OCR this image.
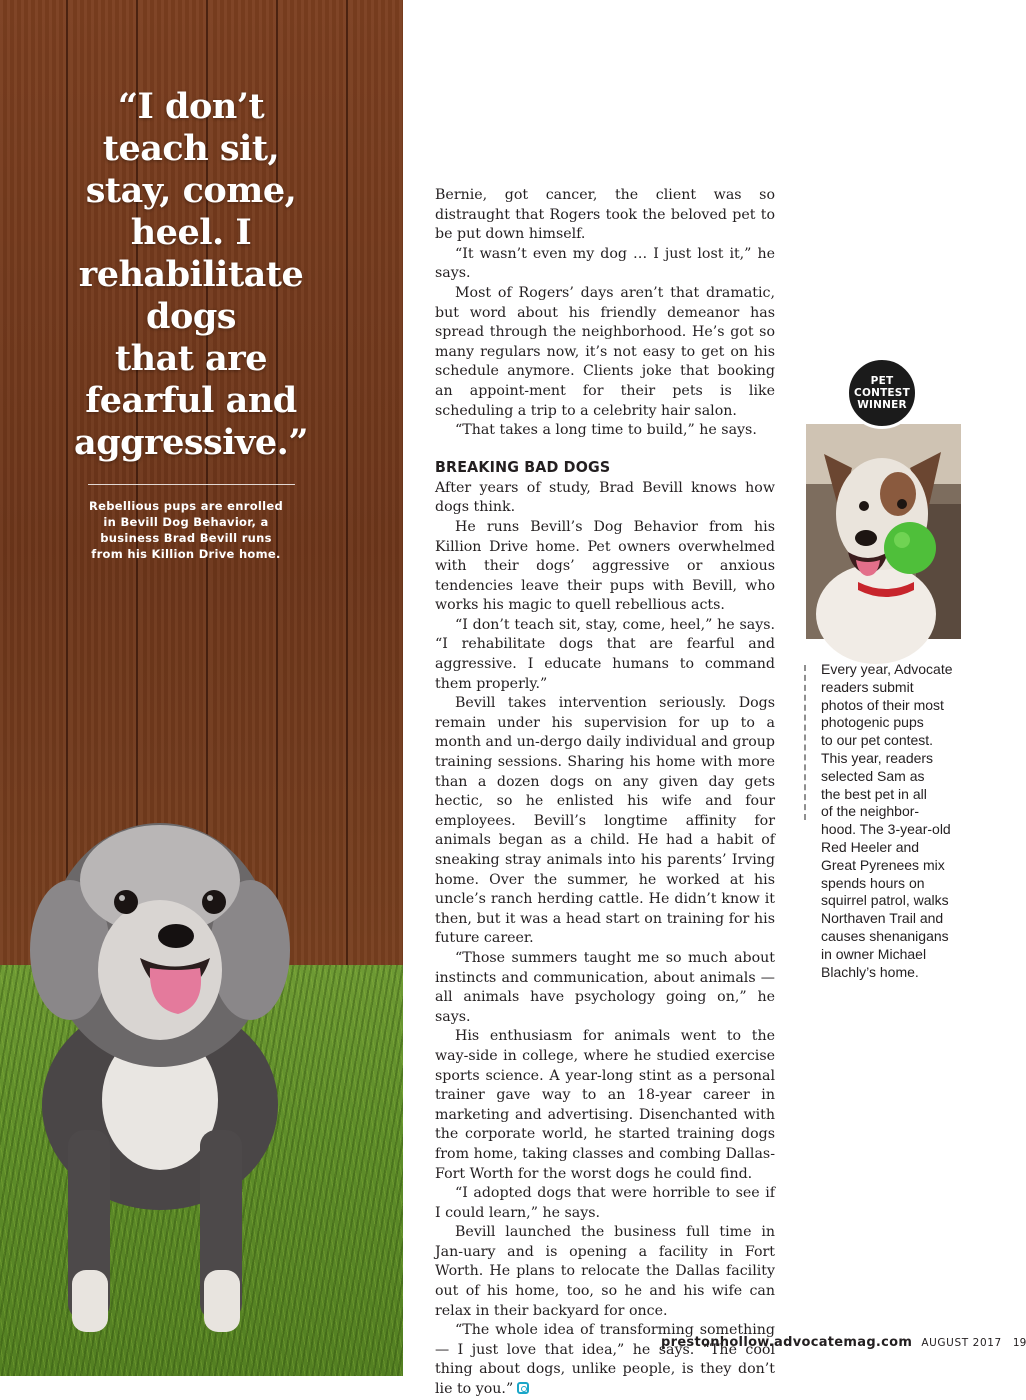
“I don’t
teach sit,
stay, come,
heel. I
rehabilitate
dogs
that are
fearful and
aggressive.”

Rebellious pups are enrolled
in Bevill Dog Behavior, a
business Brad Bevill runs
from his Killion Drive home.

Bernie, got cancer, the client was so distraught that Rogers took the beloved pet to be put down himself.

“It wasn’t even my dog … I just lost it,” he says.

Most of Rogers’ days aren’t that dramatic, but word about his friendly demeanor has spread through the neighborhood. He’s got so many regulars now, it’s not easy to get on his schedule anymore. Clients joke that booking an appoint-ment for their pets is like scheduling a trip to a celebrity hair salon.

“That takes a long time to build,” he says.

BREAKING BAD DOGS

After years of study, Brad Bevill knows how dogs think.

He runs Bevill’s Dog Behavior from his Killion Drive home. Pet owners overwhelmed with their dogs’ aggressive or anxious tendencies leave their pups with Bevill, who works his magic to quell rebellious acts.

“I don’t teach sit, stay, come, heel,” he says. “I rehabilitate dogs that are fearful and aggressive. I educate humans to command them properly.”

Bevill takes intervention seriously. Dogs remain under his supervision for up to a month and un-dergo daily individual and group training sessions. Sharing his home with more than a dozen dogs on any given day gets hectic, so he enlisted his wife and four employees. Bevill’s longtime affinity for animals began as a child. He had a habit of sneaking stray animals into his parents’ Irving home. Over the summer, he worked at his uncle’s ranch herding cattle. He didn’t know it then, but it was a head start on training for his future career.

“Those summers taught me so much about instincts and communication, about animals — all animals have psychology going on,” he says.

His enthusiasm for animals went to the way-side in college, where he studied exercise sports science. A year-long stint as a personal trainer gave way to an 18-year career in marketing and advertising. Disenchanted with the corporate world, he started training dogs from home, taking classes and combing Dallas-Fort Worth for the worst dogs he could find.

“I adopted dogs that were horrible to see if I could learn,” he says.

Bevill launched the business full time in Jan-uary and is opening a facility in Fort Worth. He plans to relocate the Dallas facility out of his home, too, so he and his wife can relax in their backyard for once.

“The whole idea of transforming something — I just love that idea,” he says. “The cool thing about dogs, unlike people, is they don’t lie to you.”

PET
CONTEST
WINNER

Every year, Advocate
readers submit
photos of their most
photogenic pups
to our pet contest.
This year, readers
selected Sam as
the best pet in all
of the neighbor-
hood. The 3-year-old
Red Heeler and
Great Pyrenees mix
spends hours on
squirrel patrol, walks
Northaven Trail and
causes shenanigans
in owner Michael
Blachly’s home.

prestonhollow.advocatemag.com AUGUST 2017 19
